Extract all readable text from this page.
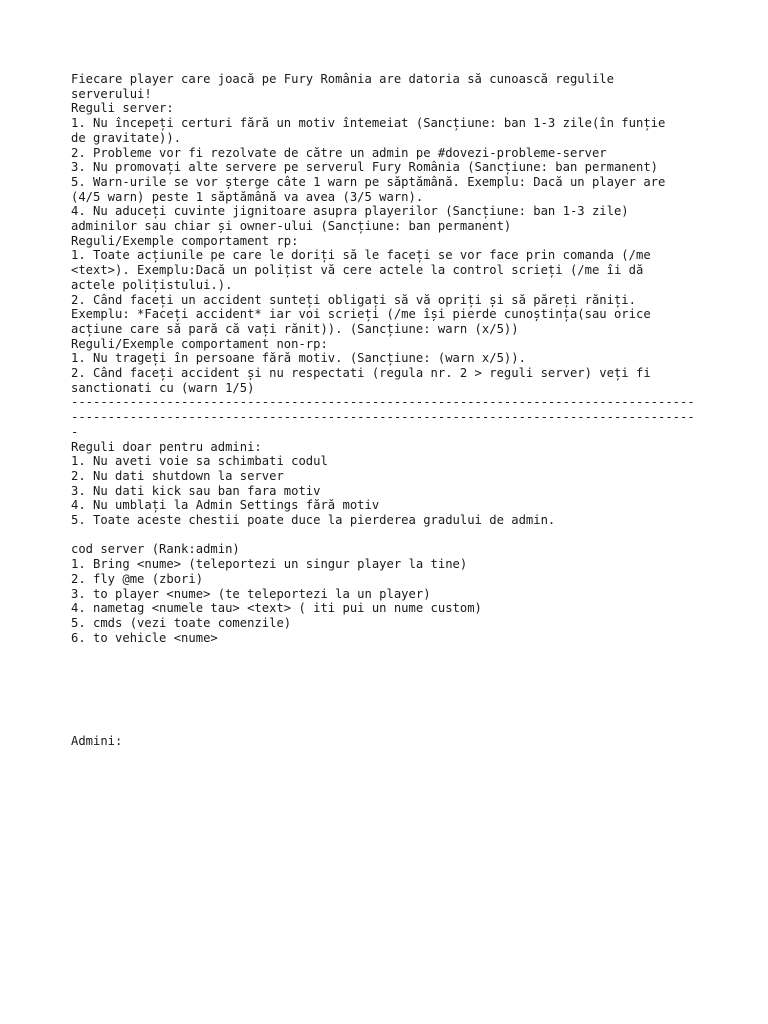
Fiecare player care joacă pe Fury România are datoria să cunoască regulile
serverului!
Reguli server:
1. Nu începeți certuri fără un motiv întemeiat (Sancțiune: ban 1-3 zile(în funție
de gravitate)).
2. Probleme vor fi rezolvate de către un admin pe #dovezi-probleme-server
3. Nu promovați alte servere pe serverul Fury România (Sancțiune: ban permanent)
5. Warn-urile se vor șterge câte 1 warn pe săptămână. Exemplu: Dacă un player are
(4/5 warn) peste 1 săptămână va avea (3/5 warn).
4. Nu aduceți cuvinte jignitoare asupra playerilor (Sancțiune: ban 1-3 zile)
adminilor sau chiar și owner-ului (Sancțiune: ban permanent)
Reguli/Exemple comportament rp:
1. Toate acțiunile pe care le doriți să le faceți se vor face prin comanda (/me
<text>). Exemplu:Dacă un polițist vă cere actele la control scrieți (/me îi dă
actele polițistului.).
2. Când faceți un accident sunteți obligați să vă opriți și să păreți răniți.
Exemplu: *Faceți accident* iar voi scrieți (/me își pierde cunoștința(sau orice
acțiune care să pară că vați rănit)). (Sancțiune: warn (x/5))
Reguli/Exemple comportament non-rp:
1. Nu trageți în persoane fără motiv. (Sancțiune: (warn x/5)).
2. Când faceți accident și nu respectati (regula nr. 2 > reguli server) veți fi
sanctionati cu (warn 1/5)
-------------------------------------------------------------------------------------
-------------------------------------------------------------------------------------
-
Reguli doar pentru admini:
1. Nu aveti voie sa schimbati codul
2. Nu dati shutdown la server
3. Nu dati kick sau ban fara motiv
4. Nu umblați la Admin Settings fără motiv
5. Toate aceste chestii poate duce la pierderea gradului de admin.
cod server (Rank:admin)
1. Bring <nume> (teleportezi un singur player la tine)
2. fly @me (zbori)
3. to player <nume> (te teleportezi la un player)
4. nametag <numele tau> <text> ( iti pui un nume custom)
5. cmds (vezi toate comenzile)
6. to vehicle <nume>
Admini:
